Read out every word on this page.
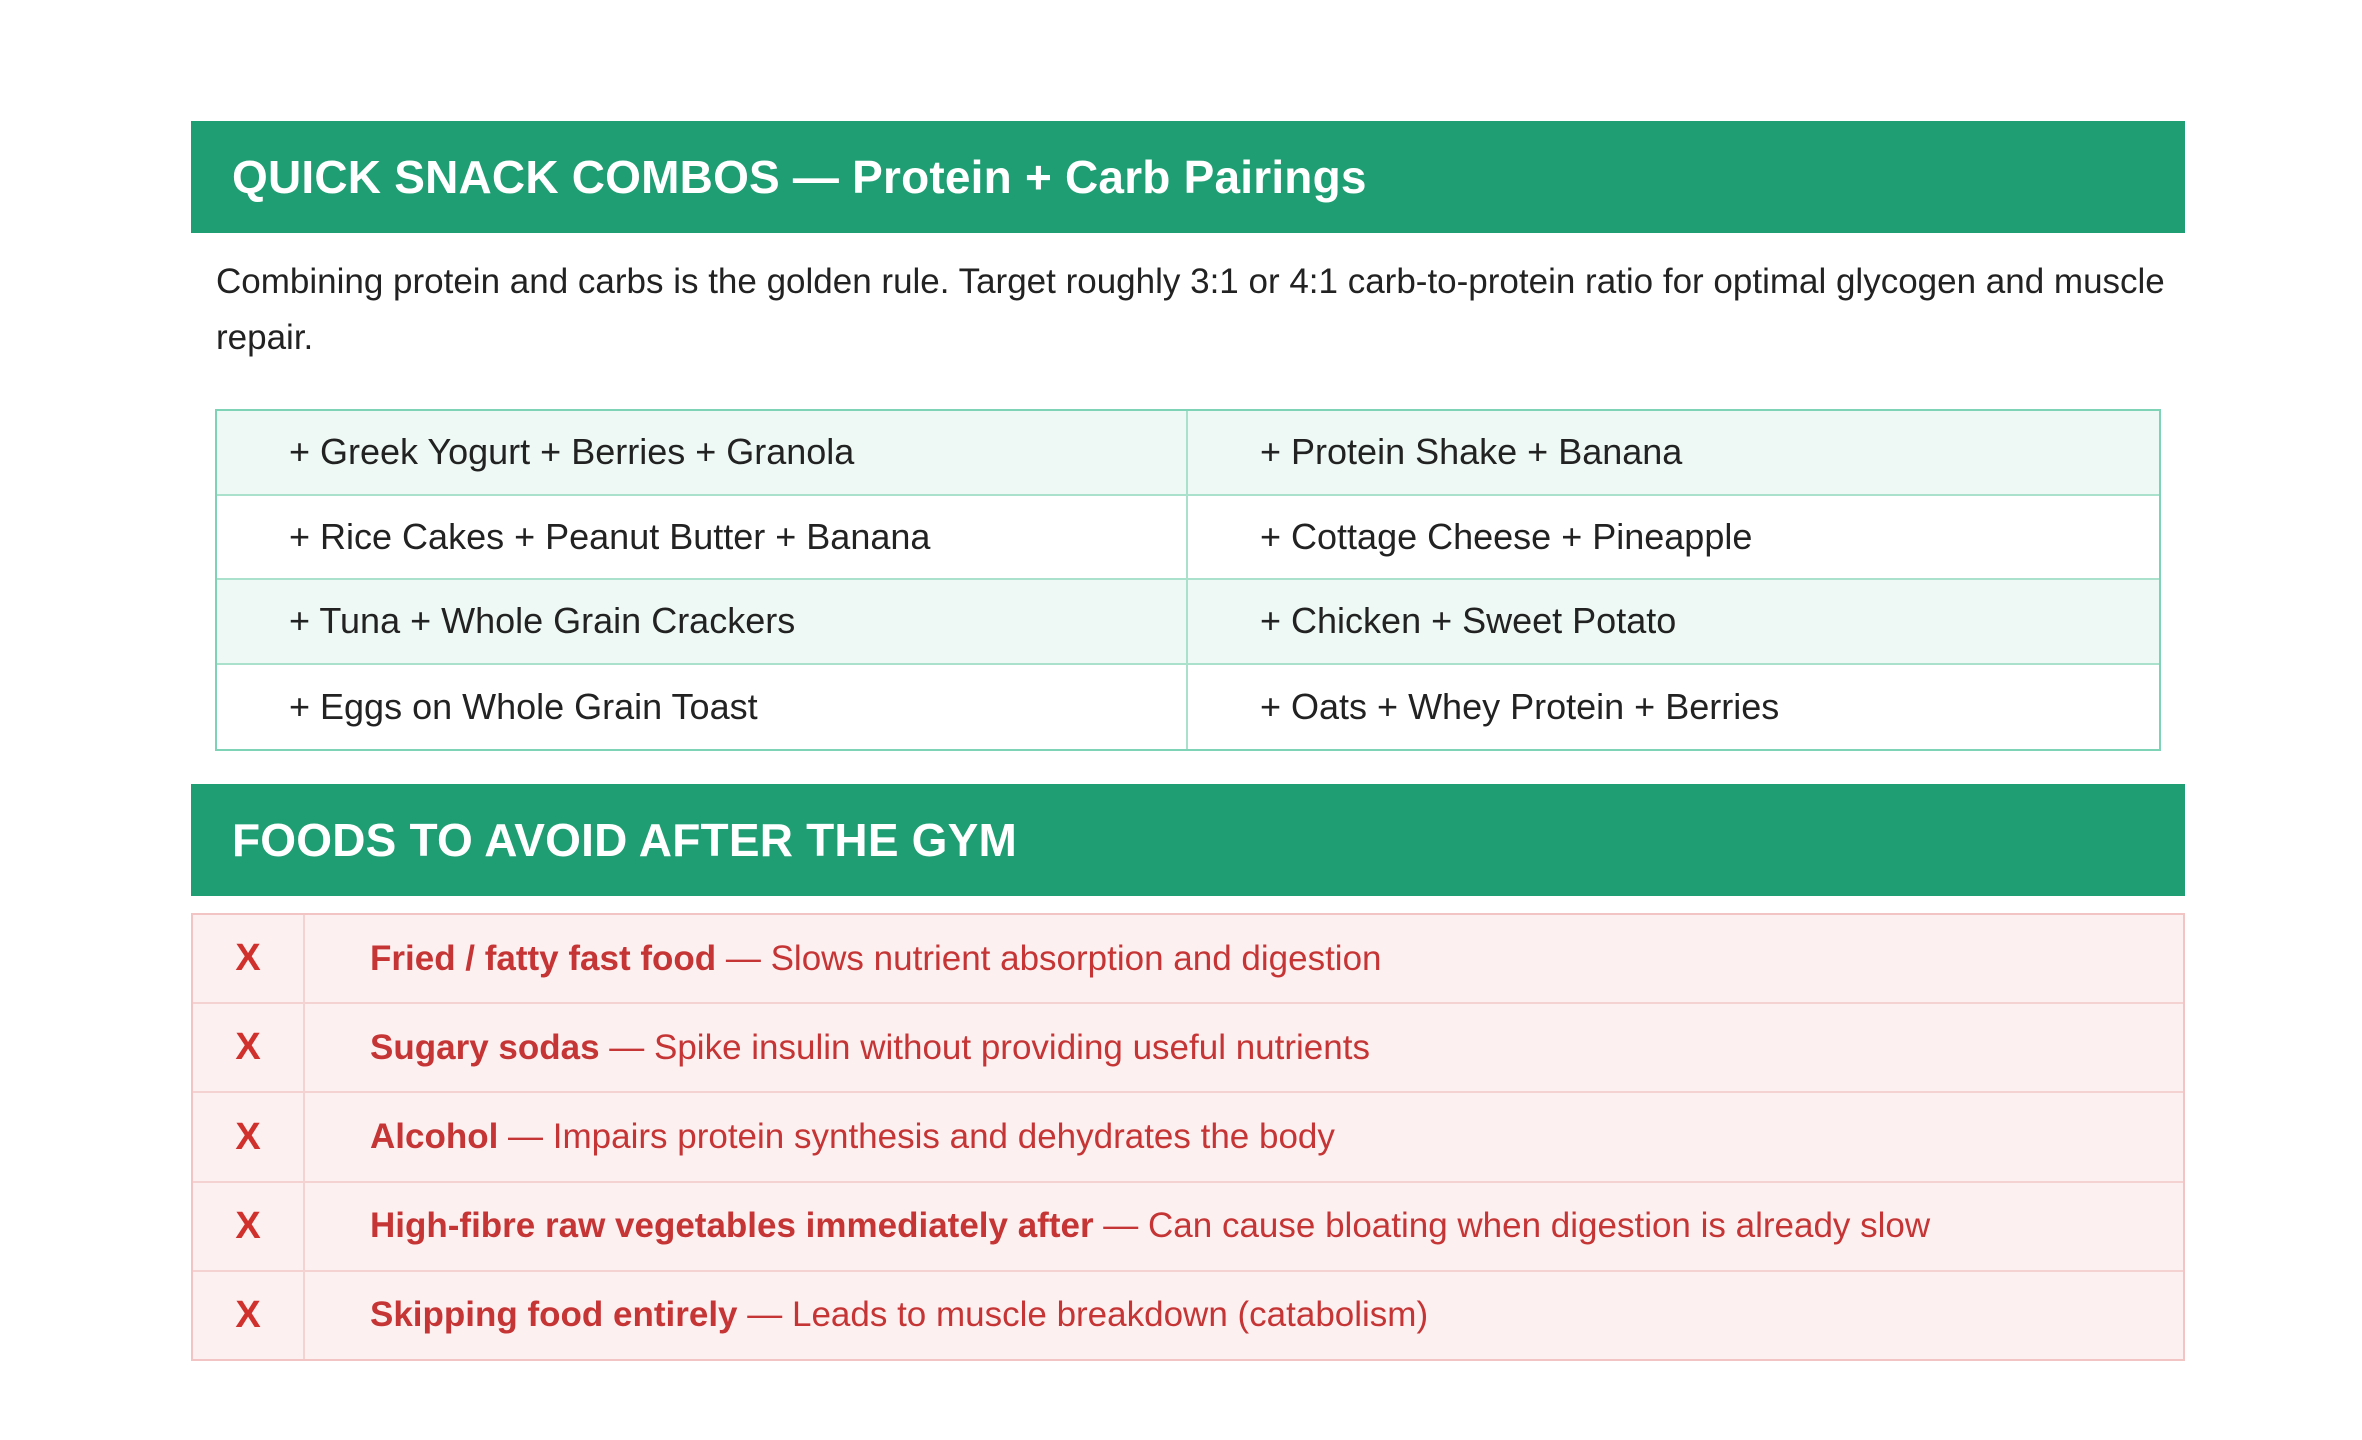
QUICK SNACK COMBOS — Protein + Carb Pairings

Combining protein and carbs is the golden rule. Target roughly 3:1 or 4:1 carb-to-protein ratio for optimal glycogen and muscle repair.

+ Greek Yogurt + Berries + Granola	+ Protein Shake + Banana
+ Rice Cakes + Peanut Butter + Banana	+ Cottage Cheese + Pineapple
+ Tuna + Whole Grain Crackers	+ Chicken + Sweet Potato
+ Eggs on Whole Grain Toast	+ Oats + Whey Protein + Berries
FOODS TO AVOID AFTER THE GYM
X	Fried / fatty fast food — Slows nutrient absorption and digestion
X	Sugary sodas — Spike insulin without providing useful nutrients
X	Alcohol — Impairs protein synthesis and dehydrates the body
X	High-fibre raw vegetables immediately after — Can cause bloating when digestion is already slow
X	Skipping food entirely — Leads to muscle breakdown (catabolism)
